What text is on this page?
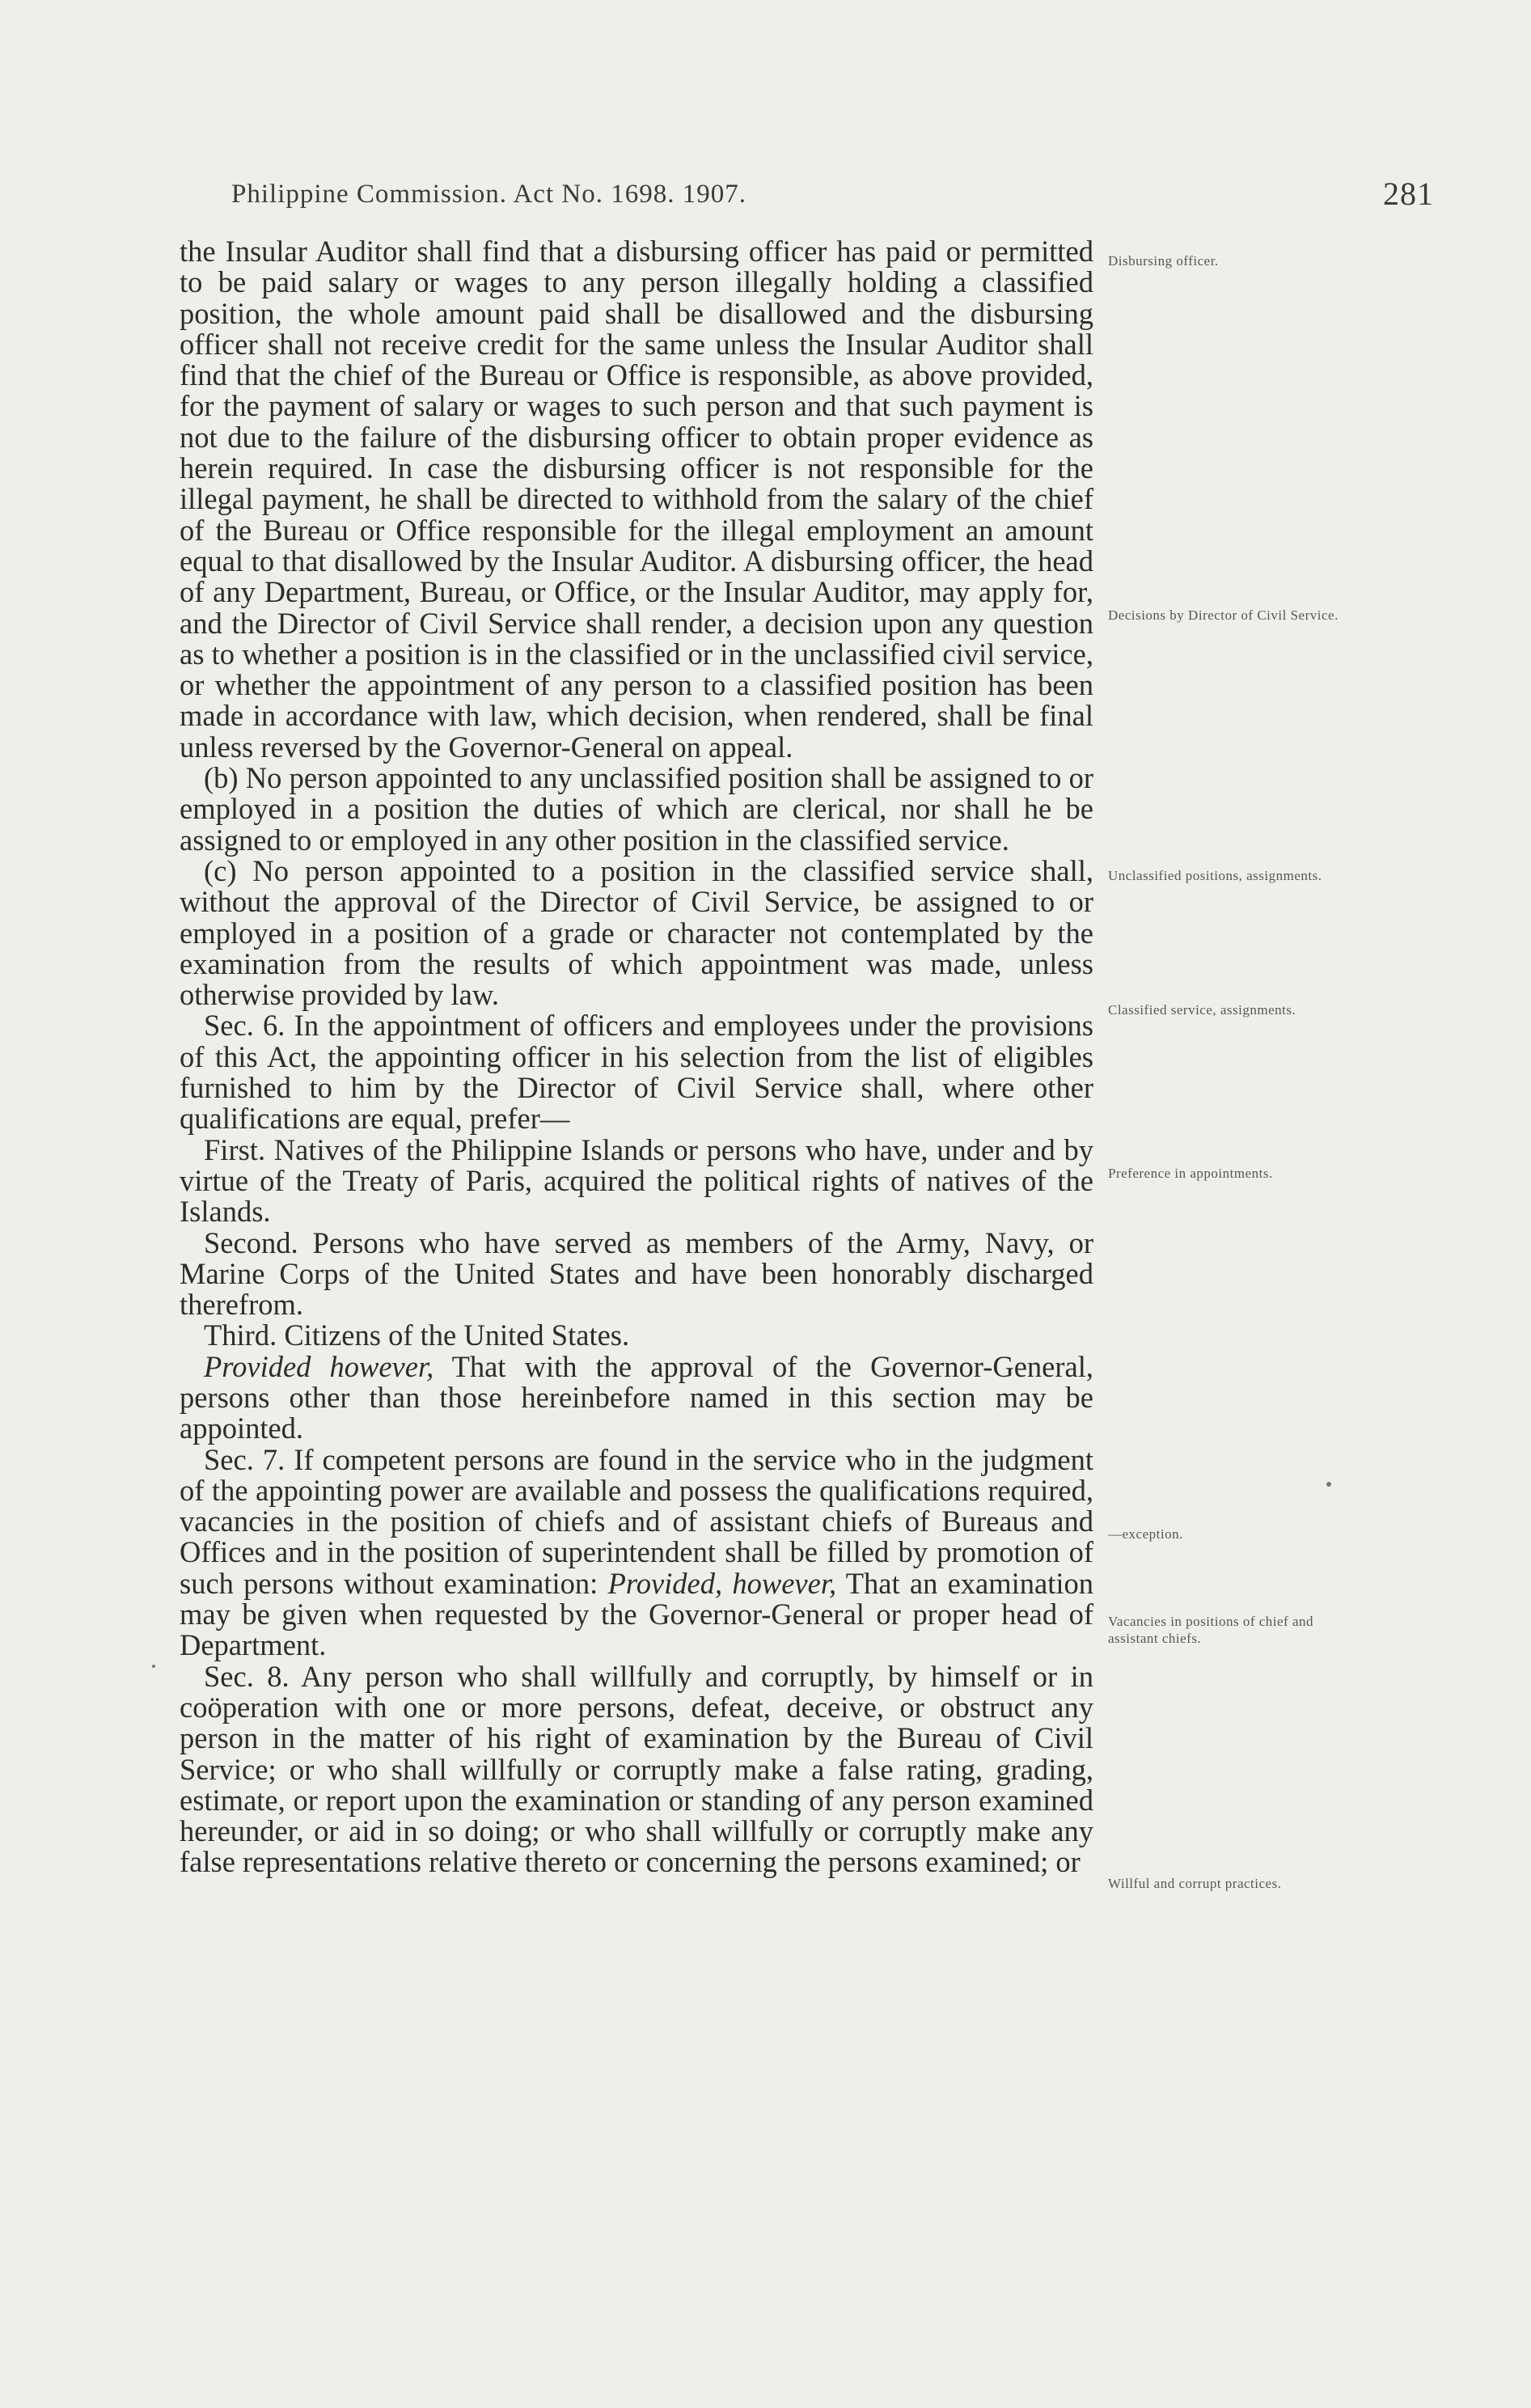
Philippine Commission. Act No. 1698. 1907.	281

the Insular Auditor shall find that a disbursing officer has paid or permitted to be paid salary or wages to any person illegally holding a classified position, the whole amount paid shall be disallowed and the disbursing officer shall not receive credit for the same unless the Insular Auditor shall find that the chief of the Bureau or Office is responsible, as above provided, for the payment of salary or wages to such person and that such payment is not due to the failure of the disbursing officer to obtain proper evidence as herein required. In case the disbursing officer is not responsible for the illegal payment, he shall be directed to withhold from the salary of the chief of the Bureau or Office responsible for the illegal employment an amount equal to that disallowed by the Insular Auditor. A disbursing officer, the head of any Department, Bureau, or Office, or the Insular Auditor, may apply for, and the Director of Civil Service shall render, a decision upon any question as to whether a position is in the classified or in the unclassified civil service, or whether the appointment of any person to a classified position has been made in accordance with law, which decision, when rendered, shall be final unless reversed by the Governor-General on appeal.

(b) No person appointed to any unclassified position shall be assigned to or employed in a position the duties of which are clerical, nor shall he be assigned to or employed in any other position in the classified service.

(c) No person appointed to a position in the classified service shall, without the approval of the Director of Civil Service, be assigned to or employed in a position of a grade or character not contemplated by the examination from the results of which appointment was made, unless otherwise provided by law.

Sec. 6. In the appointment of officers and employees under the provisions of this Act, the appointing officer in his selection from the list of eligibles furnished to him by the Director of Civil Service shall, where other qualifications are equal, prefer—

First. Natives of the Philippine Islands or persons who have, under and by virtue of the Treaty of Paris, acquired the political rights of natives of the Islands.

Second. Persons who have served as members of the Army, Navy, or Marine Corps of the United States and have been honorably discharged therefrom.

Third. Citizens of the United States.

Provided however, That with the approval of the Governor-General, persons other than those hereinbefore named in this section may be appointed.

Sec. 7. If competent persons are found in the service who in the judgment of the appointing power are available and possess the qualifications required, vacancies in the position of chiefs and of assistant chiefs of Bureaus and Offices and in the position of superintendent shall be filled by promotion of such persons without examination: Provided, however, That an examination may be given when requested by the Governor-General or proper head of Department.

Sec. 8. Any person who shall willfully and corruptly, by himself or in coöperation with one or more persons, defeat, deceive, or obstruct any person in the matter of his right of examination by the Bureau of Civil Service; or who shall willfully or corruptly make a false rating, grading, estimate, or report upon the examination or standing of any person examined hereunder, or aid in so doing; or who shall willfully or corruptly make any false representations relative thereto or concerning the persons examined; or

Disbursing officer.
Decisions by Director of Civil Service.
Unclassified positions, assignments.
Classified service, assignments.
Preference in appointments.
—exception.
Vacancies in positions of chief and assistant chiefs.
Willful and corrupt practices.
